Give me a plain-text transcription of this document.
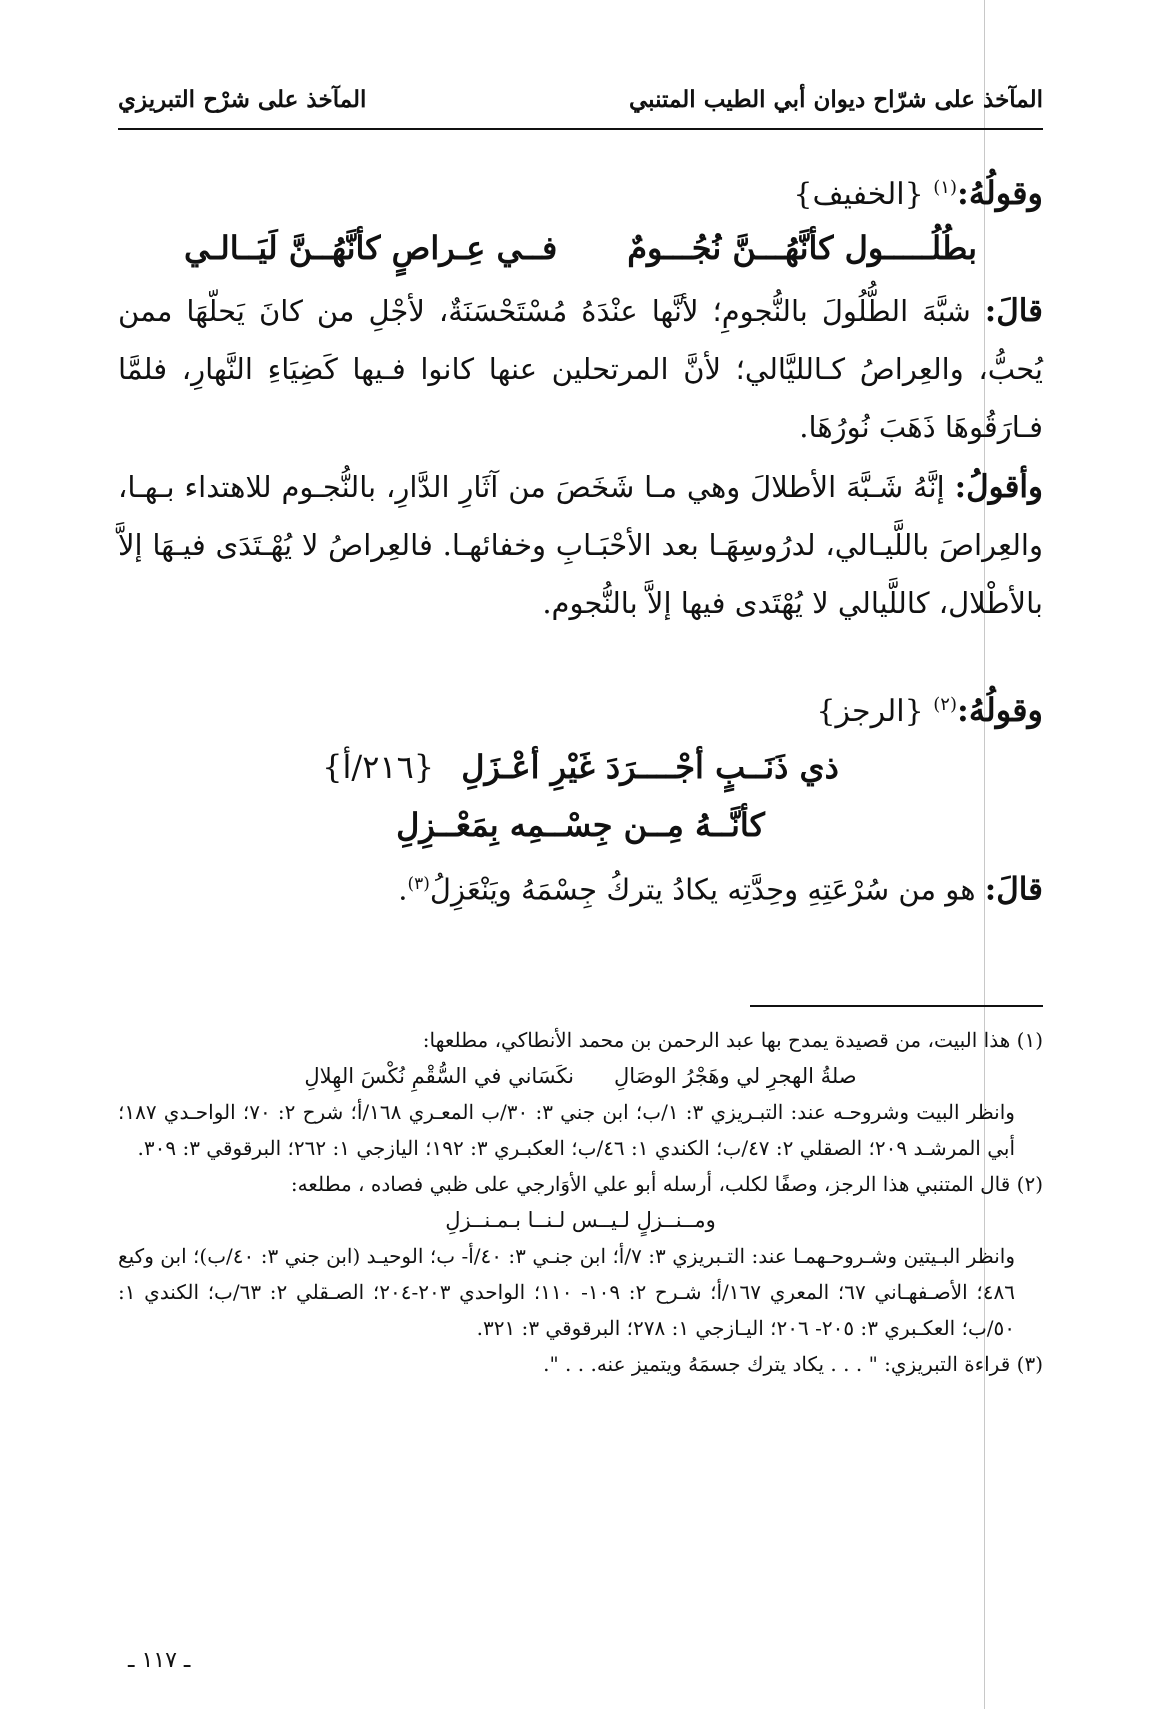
المآخذ على شرّاح ديوان أبي الطيب المتنبي
المآخذ على شرْح التبريزي
وقولُهُ:$^{(١)}$ {الخفيف}
بطُلُـــــول كأنَّهُـــنَّ نُجُـــومٌ
فــي عِـراصٍ كأنَّهُــنَّ لَيَــالـي
قالَ: شبَّهَ الطُّلُولَ بالنُّجومِ؛ لأنَّها عنْدَهُ مُسْتَحْسَنَةٌ، لأجْلِ من كانَ يَحلّهَا ممن يُحبُّ، والعِراصُ كـالليَّالي؛ لأنَّ المرتحلين عنها كانوا فـيها كَضِيَاءِ النَّهارِ، فلمَّا فـارَقُوهَا ذَهَبَ نُورُهَا.
وأقولُ: إنَّهُ شَـبَّهَ الأطلالَ وهي مـا شَخَصَ من آثَارِ الدَّارِ، بالنُّجـوم للاهتداء بـهـا، والعِراصَ باللَّيـالي، لدرُوسِهَـا بعد الأحْبَـابِ وخفائهـا. فالعِراصُ لا يُهْـتَدَى فيـهَا إلاَّ بالأطْلال، كاللَّيالي لا يُهْتَدى فيها إلاَّ بالنُّجوم.
وقولُهُ:$^{(٢)}$ {الرجز}
ذي ذَنَــبٍ أجْــــرَدَ غَيْرِ أعْـزَلِ {٢١٦/أ}
كأنَّــهُ مِــن جِسْــمِه بِمَعْــزِلِ
قالَ: هو من سُرْعَتِهِ وحِدَّتِه يكادُ يتركُ جِسْمَهُ ويَنْعَزِلُ$^{(٣)}$.
(١) هذا البيت، من قصيدة يمدح بها عبد الرحمن بن محمد الأنطاكي، مطلعها:
صلةُ الهجرِ لي وهَجْرُ الوصَالِ
نكَسَاني في السُّقْمِ نُكْسَ الهِلالِ
وانظر البيت وشروحـه عند: التبـريزي ٣: ١/ب؛ ابن جني ٣: ٣٠/ب المعـري ١٦٨/أ؛ شرح ٢: ٧٠؛ الواحـدي ١٨٧؛ أبي المرشـد ٢٠٩؛ الصقلي ٢: ٤٧/ب؛ الكندي ١: ٤٦/ب؛ العكبـري ٣: ١٩٢؛ اليازجي ١: ٢٦٢؛ البرقوقي ٣: ٣٠٩.
(٢) قال المتنبي هذا الرجز، وصفًا لكلب، أرسله أبو علي الأوَارجي على ظبي فصاده ، مطلعه:
ومــنــزلٍ لـيــس لـنــا بـمـنــزلِ
وانظر البـيتين وشـروحـهمـا عند: التـبريزي ٣: ٧/أ؛ ابن جنـي ٣: ٤٠/أ- ب؛ الوحيـد (ابن جني ٣: ٤٠/ب)؛ ابن وكيع ٤٨٦؛ الأصـفهـاني ٦٧؛ المعري ١٦٧/أ؛ شـرح ٢: ١٠٩- ١١٠؛ الواحدي ٢٠٣-٢٠٤؛ الصـقلي ٢: ٦٣/ب؛ الكندي ١: ٥٠/ب؛ العكـبري ٣: ٢٠٥- ٢٠٦؛ اليـازجي ١: ٢٧٨؛ البرقوقي ٣: ٣٢١.
(٣) قراءة التبريزي: " . . . يكاد يترك جسمَهُ ويتميز عنه. . . ".
ـ ١١٧ ـ
